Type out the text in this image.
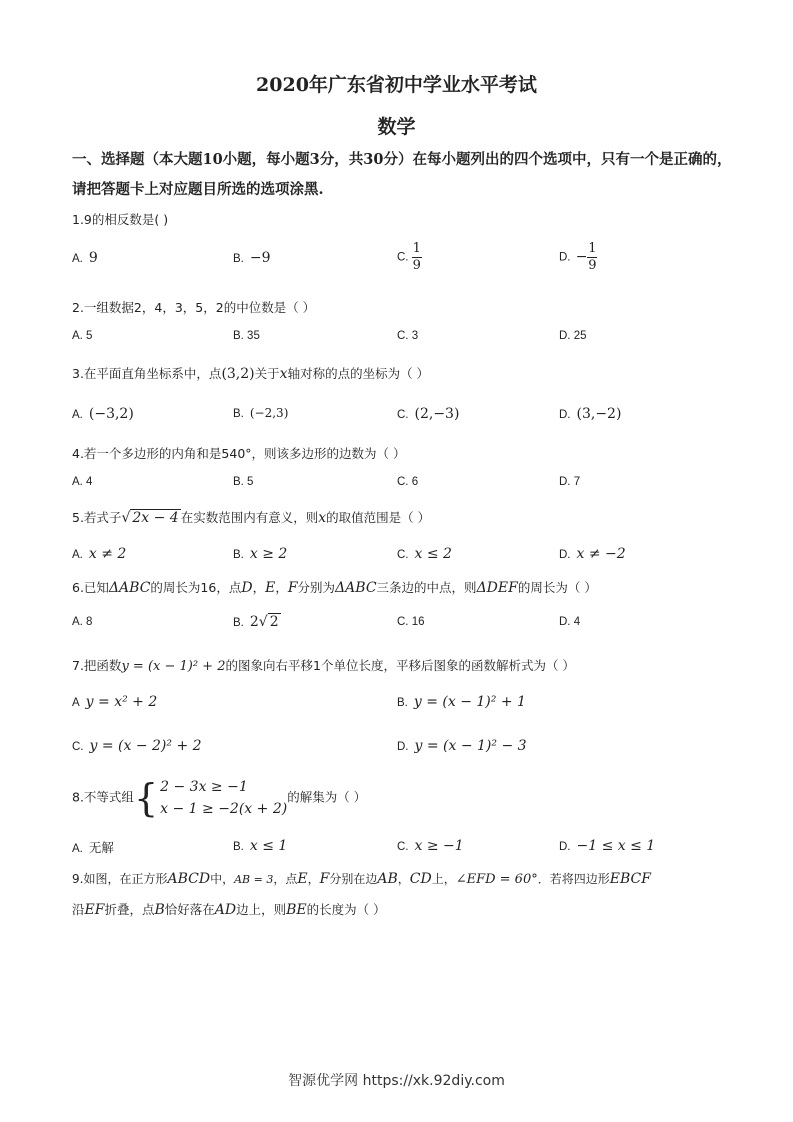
2020年广东省初中学业水平考试
数学
一、选择题（本大题10小题，每小题3分，共30分）在每小题列出的四个选项中，只有一个是正确的，请把答题卡上对应题目所选的选项涂黑.
1.9的相反数是( )
A. 9	B. −9	C. $\frac{1}{9}$	D. − $\frac{1}{9}$
2.一组数据2，4，3，5，2的中位数是（ ）
A. 5	B. 35	C. 3	D. 25
3.在平面直角坐标系中，点(3,2)关于x轴对称的点的坐标为（ ）
A. (−3,2)	B. (−2,3)	C. (2,−3)	D. (3,−2)
4.若一个多边形的内角和是540°，则该多边形的边数为（ ）
A. 4	B. 5	C. 6	D. 7
5.若式子√ 2x − 4 在实数范围内有意义，则x的取值范围是（ ）
A. x ≠ 2	B. x ≥ 2	C. x ≤ 2	D. x ≠ −2
6.已知ΔABC的周长为16，点D，E，F分别为ΔABC三条边的中点，则ΔDEF的周长为（ ）
A. 8	B. 2√ 2	C. 16	D. 4
7.把函数y = (x − 1)² + 2的图象向右平移1个单位长度，平移后图象的函数解析式为（ ）
A y = x² + 2	B. y = (x − 1)² + 1
C. y = (x − 2)² + 2	D. y = (x − 1)² − 3
8.不等式组 { 2 − 3x ≥ −1
x − 1 ≥ −2(x + 2)
的解集为（ ）
A. 无解	B. x ≤ 1	C. x ≥ −1	D. −1 ≤ x ≤ 1
9.如图，在正方形ABCD中，AB = 3，点E，F分别在边AB，CD上，∠EFD = 60°．若将四边形EBCF
沿EF折叠，点B恰好落在AD边上，则BE的长度为（ ）
智源优学网 https://xk.92diy.com
